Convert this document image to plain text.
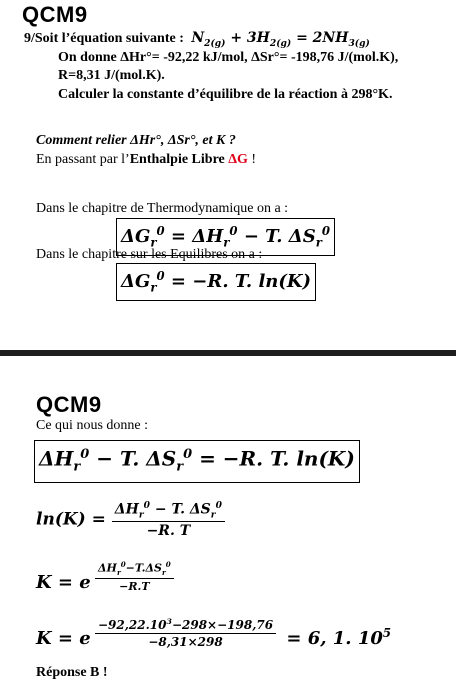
QCM9
9/Soit l’équation suivante : $N_{2(g)} + 3H_{2(g)} = 2NH_{3(g)}$
On donne ΔHr°= -92,22 kJ/mol, ΔSr°= -198,76 J/(mol.K),
R=8,31 J/(mol.K).
Calculer la constante d’équilibre de la réaction à 298°K.
Comment relier ΔHr°, ΔSr°, et K ?
En passant par l’Enthalpie Libre ΔG !
Dans le chapitre de Thermodynamique on a :
$\Delta G_r^0 = \Delta H_r^0 - T$. $\Delta S_r^0$
Dans le chapitre sur les Equilibres on a :
$\Delta G_r^0 = -R$. T. ln(K)
QCM9
Ce qui nous donne :
$\Delta H_r^0 - T$. $\Delta S_r^0 = -R$. T. ln(K)
$\ln(K) = \frac{\Delta H_r^0 - T. \Delta S_r^0}{-R. T}$
K = e $\frac{\Delta H_r^0-T.\Delta S_r^0}{-R.T}$
K = e $\frac{-92,22.10^3-298\times-198,76}{-8,31\times 298} = 6$, 1. $10^5$
Réponse B !
